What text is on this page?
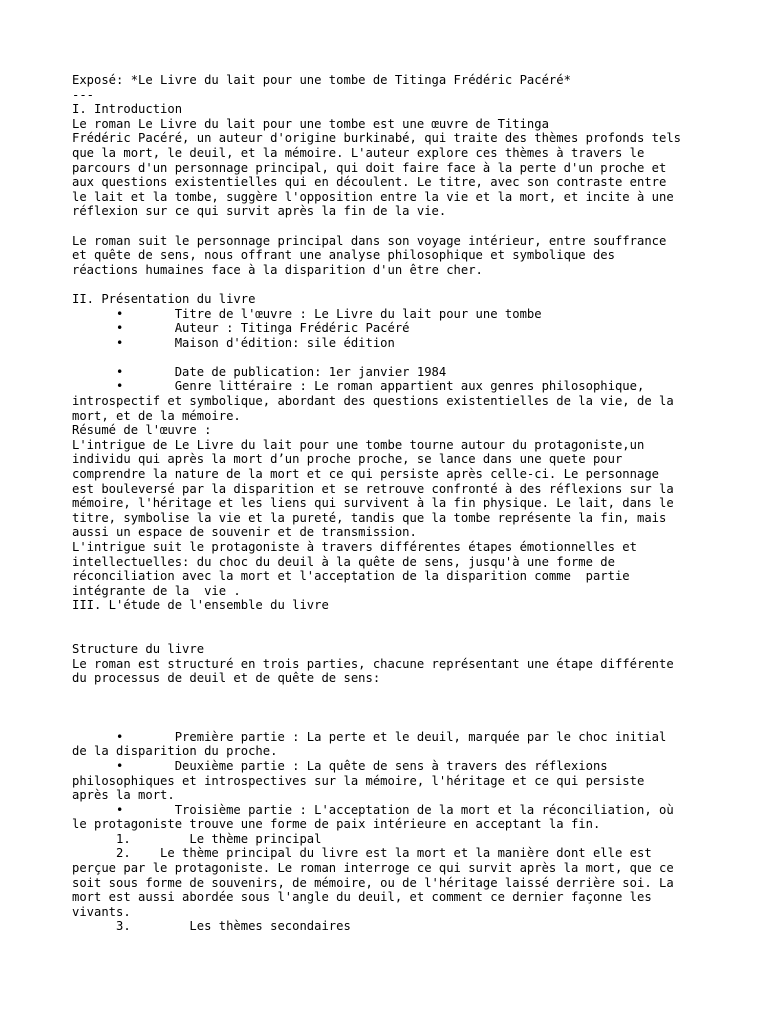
Exposé: *Le Livre du lait pour une tombe de Titinga Frédéric Pacéré*
---
I. Introduction
Le roman Le Livre du lait pour une tombe est une œuvre de Titinga
Frédéric Pacéré, un auteur d'origine burkinabé, qui traite des thèmes profonds tels
que la mort, le deuil, et la mémoire. L'auteur explore ces thèmes à travers le
parcours d'un personnage principal, qui doit faire face à la perte d'un proche et
aux questions existentielles qui en découlent. Le titre, avec son contraste entre
le lait et la tombe, suggère l'opposition entre la vie et la mort, et incite à une
réflexion sur ce qui survit après la fin de la vie.

Le roman suit le personnage principal dans son voyage intérieur, entre souffrance
et quête de sens, nous offrant une analyse philosophique et symbolique des
réactions humaines face à la disparition d'un être cher.

II. Présentation du livre
•       Titre de l'œuvre : Le Livre du lait pour une tombe
•       Auteur : Titinga Frédéric Pacéré
•       Maison d'édition: sile édition

•       Date de publication: 1er janvier 1984
•       Genre littéraire : Le roman appartient aux genres philosophique,
introspectif et symbolique, abordant des questions existentielles de la vie, de la
mort, et de la mémoire.
Résumé de l'œuvre :
L'intrigue de Le Livre du lait pour une tombe tourne autour du protagoniste,un
individu qui après la mort d’un proche proche, se lance dans une quete pour
comprendre la nature de la mort et ce qui persiste après celle-ci. Le personnage
est bouleversé par la disparition et se retrouve confronté à des réflexions sur la
mémoire, l'héritage et les liens qui survivent à la fin physique. Le lait, dans le
titre, symbolise la vie et la pureté, tandis que la tombe représente la fin, mais
aussi un espace de souvenir et de transmission.
L'intrigue suit le protagoniste à travers différentes étapes émotionnelles et
intellectuelles: du choc du deuil à la quête de sens, jusqu'à une forme de
réconciliation avec la mort et l'acceptation de la disparition comme  partie
intégrante de la  vie .
III. L'étude de l'ensemble du livre

Structure du livre
Le roman est structuré en trois parties, chacune représentant une étape différente
du processus de deuil et de quête de sens:

•       Première partie : La perte et le deuil, marquée par le choc initial
de la disparition du proche.
•       Deuxième partie : La quête de sens à travers des réflexions
philosophiques et introspectives sur la mémoire, l'héritage et ce qui persiste
après la mort.
•       Troisième partie : L'acceptation de la mort et la réconciliation, où
le protagoniste trouve une forme de paix intérieure en acceptant la fin.
1.        Le thème principal
2.    Le thème principal du livre est la mort et la manière dont elle est
perçue par le protagoniste. Le roman interroge ce qui survit après la mort, que ce
soit sous forme de souvenirs, de mémoire, ou de l'héritage laissé derrière soi. La
mort est aussi abordée sous l'angle du deuil, et comment ce dernier façonne les
vivants.
3.        Les thèmes secondaires
